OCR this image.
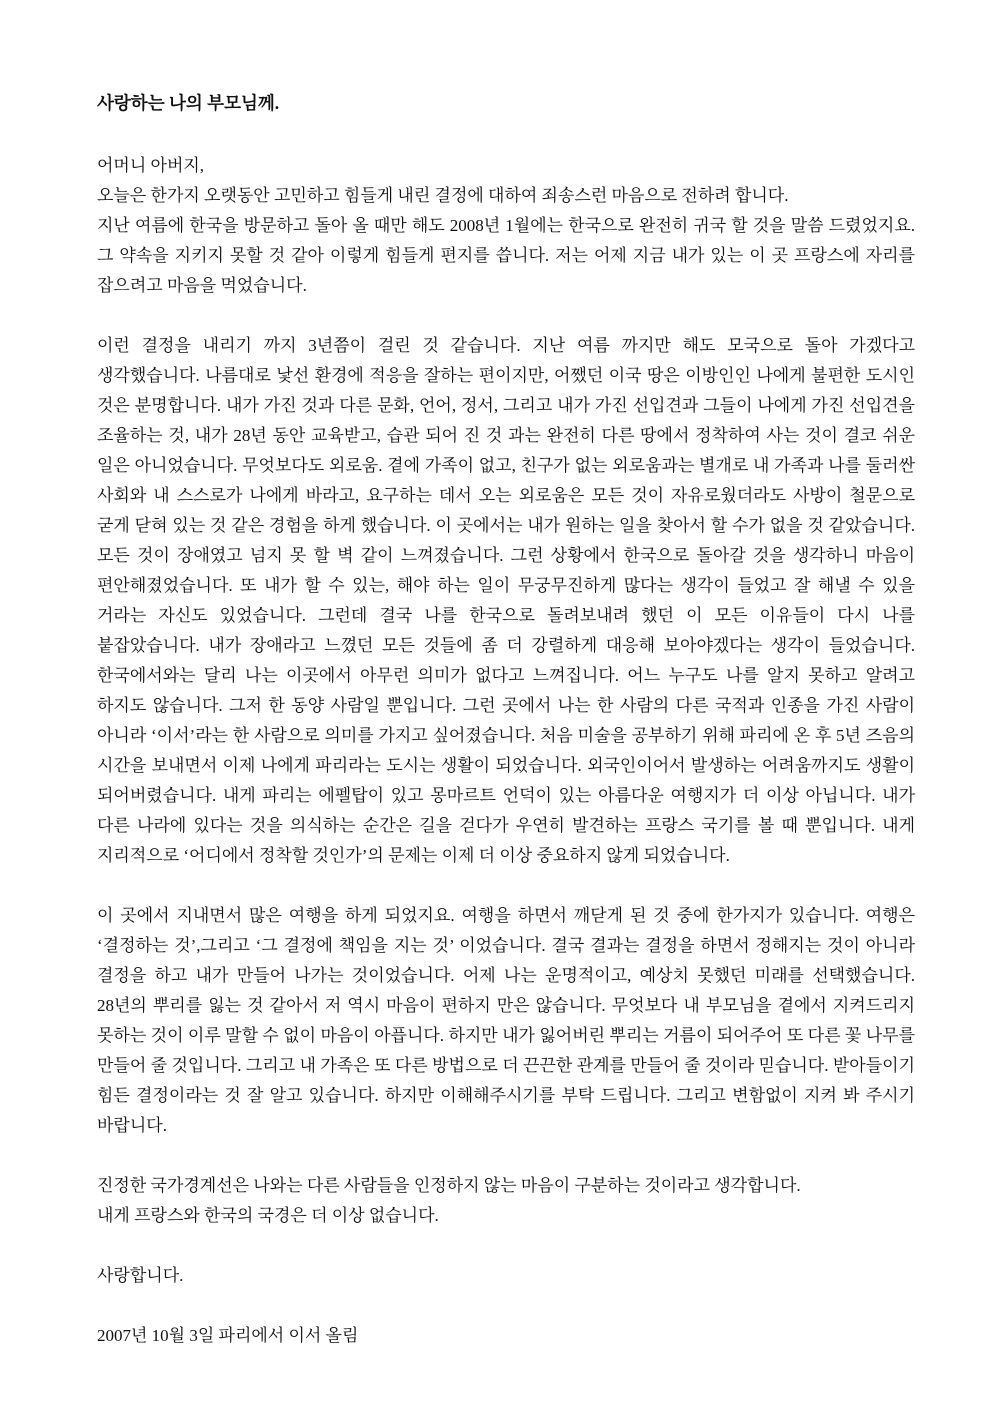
사랑하는 나의 부모님께.

어머니 아버지,
오늘은 한가지 오랫동안 고민하고 힘들게 내린 결정에 대하여 죄송스런 마음으로 전하려 합니다.
지난 여름에 한국을 방문하고 돌아 올 때만 해도 2008년 1월에는 한국으로 완전히 귀국 할 것을 말씀 드렸었지요. 그 약속을 지키지 못할 것 같아 이렇게 힘들게 편지를 씁니다. 저는 어제 지금 내가 있는 이 곳 프랑스에 자리를 잡으려고 마음을 먹었습니다.

이런 결정을 내리기 까지 3년쯤이 걸린 것 같습니다. 지난 여름 까지만 해도 모국으로 돌아 가겠다고 생각했습니다. 나름대로 낯선 환경에 적응을 잘하는 편이지만, 어쨌던 이국 땅은 이방인인 나에게 불편한 도시인 것은 분명합니다. 내가 가진 것과 다른 문화, 언어, 정서, 그리고 내가 가진 선입견과 그들이 나에게 가진 선입견을 조율하는 것, 내가 28년 동안 교육받고, 습관 되어 진 것 과는 완전히 다른 땅에서 정착하여 사는 것이 결코 쉬운 일은 아니었습니다. 무엇보다도 외로움. 곁에 가족이 없고, 친구가 없는 외로움과는 별개로 내 가족과 나를 둘러싼 사회와 내 스스로가 나에게 바라고, 요구하는 데서 오는 외로움은 모든 것이 자유로웠더라도 사방이 철문으로 굳게 닫혀 있는 것 같은 경험을 하게 했습니다. 이 곳에서는 내가 원하는 일을 찾아서 할 수가 없을 것 같았습니다. 모든 것이 장애였고 넘지 못 할 벽 같이 느껴졌습니다. 그런 상황에서 한국으로 돌아갈 것을 생각하니 마음이 편안해졌었습니다. 또 내가 할 수 있는, 해야 하는 일이 무궁무진하게 많다는 생각이 들었고 잘 해낼 수 있을 거라는 자신도 있었습니다. 그런데 결국 나를 한국으로 돌려보내려 했던 이 모든 이유들이 다시 나를 붙잡았습니다. 내가 장애라고 느꼈던 모든 것들에 좀 더 강렬하게 대응해 보아야겠다는 생각이 들었습니다. 한국에서와는 달리 나는 이곳에서 아무런 의미가 없다고 느껴집니다. 어느 누구도 나를 알지 못하고 알려고 하지도 않습니다. 그저 한 동양 사람일 뿐입니다. 그런 곳에서 나는 한 사람의 다른 국적과 인종을 가진 사람이 아니라 ‘이서’라는 한 사람으로 의미를 가지고 싶어졌습니다. 처음 미술을 공부하기 위해 파리에 온 후 5년 즈음의 시간을 보내면서 이제 나에게 파리라는 도시는 생활이 되었습니다. 외국인이어서 발생하는 어려움까지도 생활이 되어버렸습니다. 내게 파리는 에펠탑이 있고 몽마르트 언덕이 있는 아름다운 여행지가 더 이상 아닙니다. 내가 다른 나라에 있다는 것을 의식하는 순간은 길을 걷다가 우연히 발견하는 프랑스 국기를 볼 때 뿐입니다. 내게 지리적으로 ‘어디에서 정착할 것인가’의 문제는 이제 더 이상 중요하지 않게 되었습니다.

이 곳에서 지내면서 많은 여행을 하게 되었지요. 여행을 하면서 깨닫게 된 것 중에 한가지가 있습니다. 여행은 ‘결정하는 것’,그리고 ‘그 결정에 책임을 지는 것’ 이었습니다. 결국 결과는 결정을 하면서 정해지는 것이 아니라 결정을 하고 내가 만들어 나가는 것이었습니다. 어제 나는 운명적이고, 예상치 못했던 미래를 선택했습니다. 28년의 뿌리를 잃는 것 같아서 저 역시 마음이 편하지 만은 않습니다. 무엇보다 내 부모님을 곁에서 지켜드리지 못하는 것이 이루 말할 수 없이 마음이 아픕니다. 하지만 내가 잃어버린 뿌리는 거름이 되어주어 또 다른 꽃 나무를 만들어 줄 것입니다. 그리고 내 가족은 또 다른 방법으로 더 끈끈한 관계를 만들어 줄 것이라 믿습니다. 받아들이기 힘든 결정이라는 것 잘 알고 있습니다. 하지만 이해해주시기를 부탁 드립니다. 그리고 변함없이 지켜 봐 주시기 바랍니다.

진정한 국가경계선은 나와는 다른 사람들을 인정하지 않는 마음이 구분하는 것이라고 생각합니다.
내게 프랑스와 한국의 국경은 더 이상 없습니다.

사랑합니다.

2007년 10월 3일 파리에서 이서 올림
